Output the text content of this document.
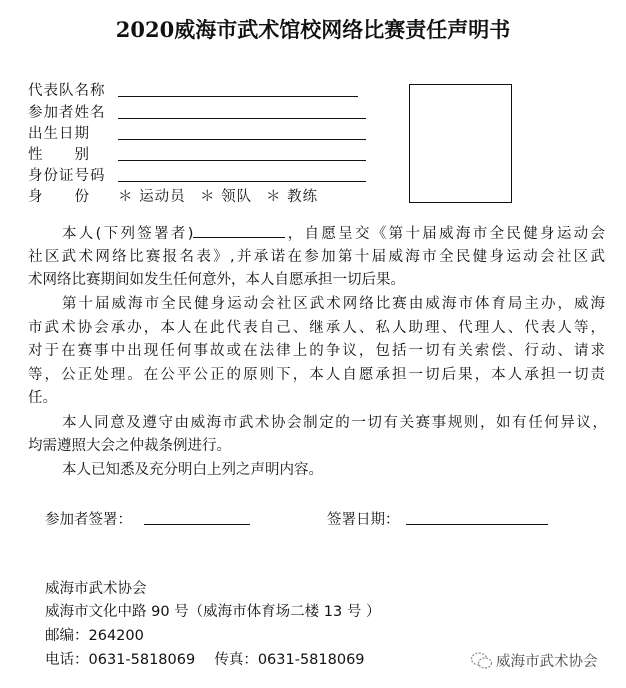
2020威海市武术馆校网络比赛责任声明书
代表队名称
参加者姓名
出生日期
性　　别
身份证号码
身　　份 ＊ 运动员 ＊ 领队 ＊ 教练
本人(下列签署者)	，自愿呈交《第十届威海市全民健身运动会
社区武术网络比赛报名表》,并承诺在参加第十届威海市全民健身运动会社区武
术网络比赛期间如发生任何意外，本人自愿承担一切后果。
第十届威海市全民健身运动会社区武术网络比赛由威海市体育局主办，威海
市武术协会承办，本人在此代表自己、继承人、私人助理、代理人、代表人等，
对于在赛事中出现任何事故或在法律上的争议，包括一切有关索偿、行动、请求
等，公正处理。在公平公正的原则下，本人自愿承担一切后果，本人承担一切责
任。
本人同意及遵守由威海市武术协会制定的一切有关赛事规则，如有任何异议，
均需遵照大会之仲裁条例进行。
本人已知悉及充分明白上列之声明内容。
参加者签署：	签署日期：
威海市武术协会
威海市文化中路 90 号（威海市体育场二楼 13 号 ）
邮编：264200
电话：0631-5818069　 传真：0631-5818069	威海市武术协会
